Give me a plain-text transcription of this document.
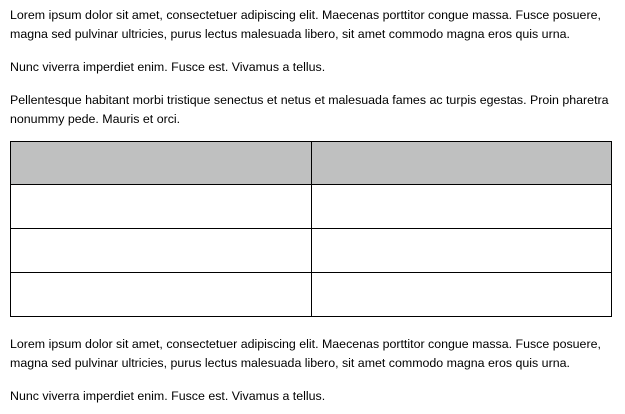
Lorem ipsum dolor sit amet, consectetuer adipiscing elit. Maecenas porttitor congue massa. Fusce posuere, magna sed pulvinar ultricies, purus lectus malesuada libero, sit amet commodo magna eros quis urna.

Nunc viverra imperdiet enim. Fusce est. Vivamus a tellus.

Pellentesque habitant morbi tristique senectus et netus et malesuada fames ac turpis egestas. Proin pharetra nonummy pede. Mauris et orci.

Lorem ipsum dolor sit amet, consectetuer adipiscing elit. Maecenas porttitor congue massa. Fusce posuere, magna sed pulvinar ultricies, purus lectus malesuada libero, sit amet commodo magna eros quis urna.

Nunc viverra imperdiet enim. Fusce est. Vivamus a tellus.
